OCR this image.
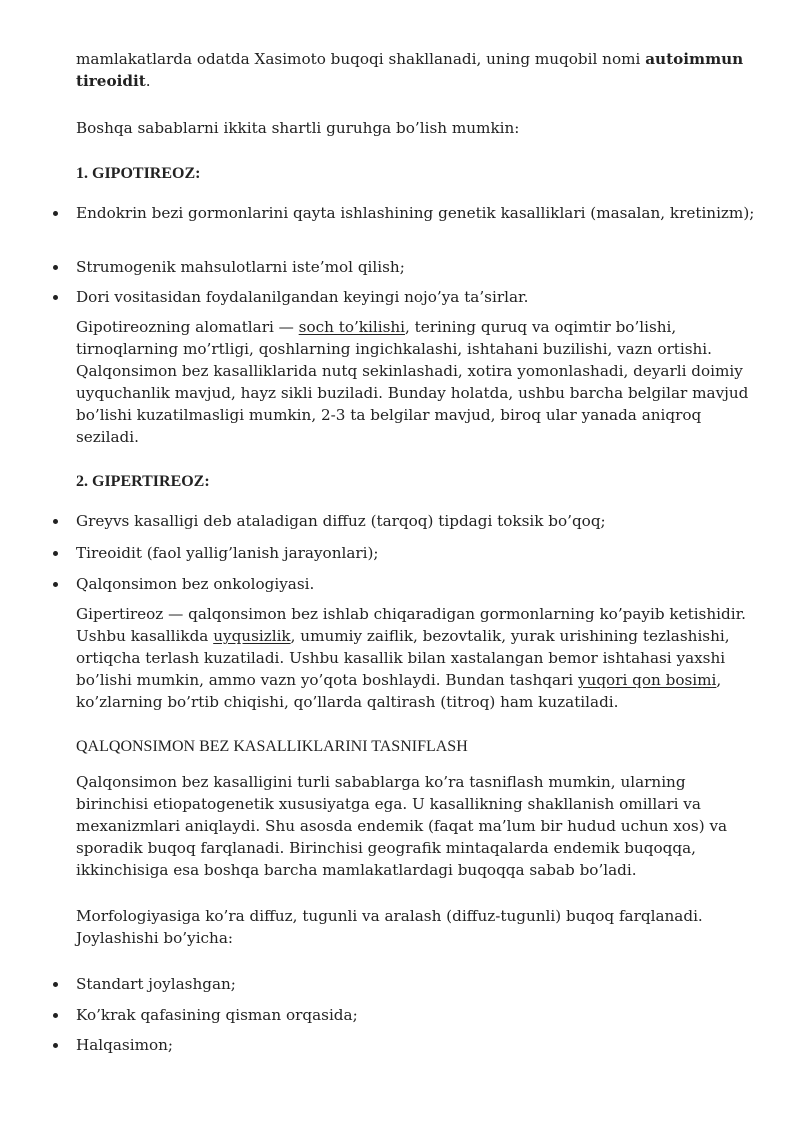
mamlakatlarda odatda Xasimoto buqoqi shakllanadi, uning muqobil nomi autoimmun tireoidit.

Boshqa sabablarni ikkita shartli guruhga bo’lish mumkin:

1. GIPOTIREOZ:

Endokrin bezi gormonlarini qayta ishlashining genetik kasalliklari (masalan, kretinizm);
Strumogenik mahsulotlarni iste’mol qilish;
Dori vositasidan foydalanilgandan keyingi nojo’ya ta’sirlar.

Gipotireozning alomatlari — soch to’kilishi, terining quruq va oqimtir bo’lishi, tirnoqlarning mo’rtligi, qoshlarning ingichkalashi, ishtahani buzilishi, vazn ortishi. Qalqonsimon bez kasalliklarida nutq sekinlashadi, xotira yomonlashadi, deyarli doimiy uyquchanlik mavjud, hayz sikli buziladi. Bunday holatda, ushbu barcha belgilar mavjud bo’lishi kuzatilmasligi mumkin, 2-3 ta belgilar mavjud, biroq ular yanada aniqroq seziladi.

2. GIPERTIREOZ:

Greyvs kasalligi deb ataladigan diffuz (tarqoq) tipdagi toksik bo’qoq;
Tireoidit (faol yallig’lanish jarayonlari);
Qalqonsimon bez onkologiyasi.

Gipertireoz — qalqonsimon bez ishlab chiqaradigan gormonlarning ko’payib ketishidir. Ushbu kasallikda uyqusizlik, umumiy zaiflik, bezovtalik, yurak urishining tezlashishi, ortiqcha terlash kuzatiladi. Ushbu kasallik bilan xastalangan bemor ishtahasi yaxshi bo’lishi mumkin, ammo vazn yo’qota boshlaydi. Bundan tashqari yuqori qon bosimi, ko’zlarning bo’rtib chiqishi, qo’llarda qaltirash (titroq) ham kuzatiladi.

QALQONSIMON BEZ KASALLIKLARINI TASNIFLASH

Qalqonsimon bez kasalligini turli sabablarga ko’ra tasniflash mumkin, ularning birinchisi etiopatogenetik xususiyatga ega. U kasallikning shakllanish omillari va mexanizmlari aniqlaydi. Shu asosda endemik (faqat ma’lum bir hudud uchun xos) va sporadik buqoq farqlanadi. Birinchisi geografik mintaqalarda endemik buqoqqa, ikkinchisiga esa boshqa barcha mamlakatlardagi buqoqqa sabab bo’ladi.

Morfologiyasiga ko’ra diffuz, tugunli va aralash (diffuz-tugunli) buqoq farqlanadi. Joylashishi bo’yicha:

Standart joylashgan;
Ko’krak qafasining qisman orqasida;
Halqasimon;
